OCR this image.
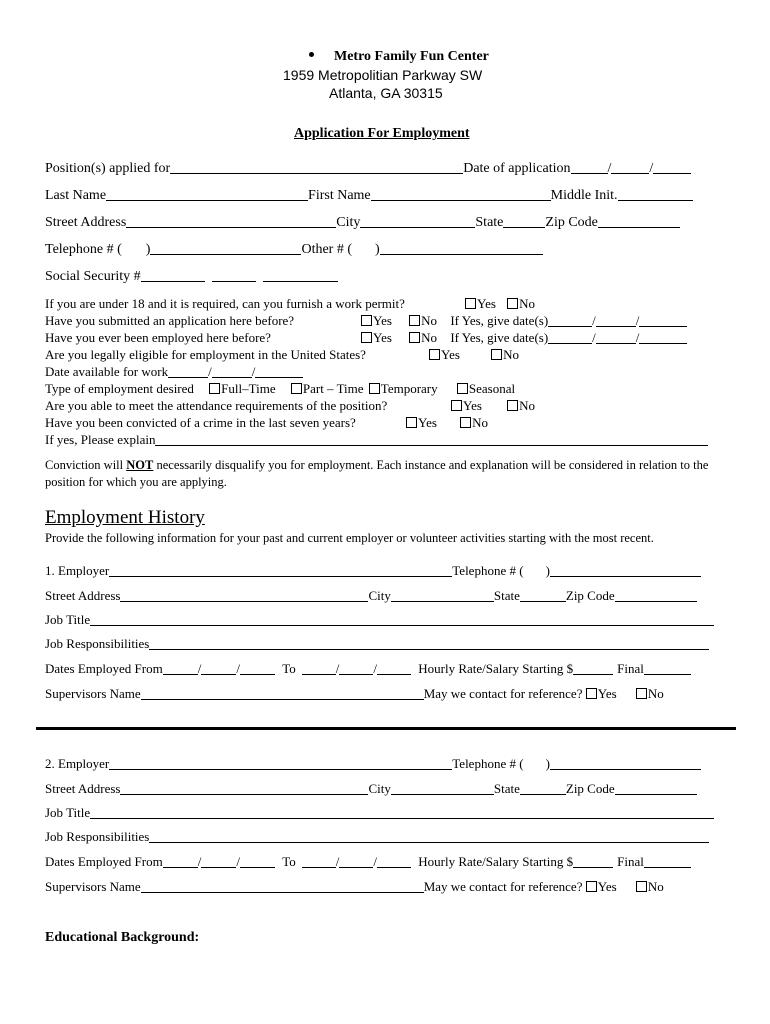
Metro Family Fun Center
1959 Metropolitian Parkway SW
Atlanta, GA 30315
Application For Employment
Position(s) applied for	Date of application	/	/
Last Name	First Name	Middle Init.
Street Address	City	State	Zip Code
Telephone # ( )	Other # ( )
Social Security #
If you are under 18 and it is required, can you furnish a work permit?	Yes No
Have you submitted an application here before?	Yes No If Yes, give date(s)	/	/
Have you ever been employed here before?	Yes No If Yes, give date(s)	/	/
Are you legally eligible for employment in the United States?	Yes	No
Date available for work	/	/
Type of employment desired Full–Time Part – Time Temporary Seasonal
Are you able to meet the attendance requirements of the position?	Yes	No
Have you been convicted of a crime in the last seven years?	Yes	No
If yes, Please explain
Conviction will NOT necessarily disqualify you for employment. Each instance and explanation will be considered in relation to the position for which you are applying.
Employment History
Provide the following information for your past and current employer or volunteer activities starting with the most recent.
1. Employer	Telephone # ( )
Street Address	City	State	Zip Code
Job Title
Job Responsibilities
Dates Employed From	/	/	To	/	/	Hourly Rate/Salary Starting $	Final
Supervisors Name	May we contact for reference? Yes No
2. Employer	Telephone # ( )
Street Address	City	State	Zip Code
Job Title
Job Responsibilities
Dates Employed From	/	/	To	/	/	Hourly Rate/Salary Starting $	Final
Supervisors Name	May we contact for reference? Yes No
Educational Background:
